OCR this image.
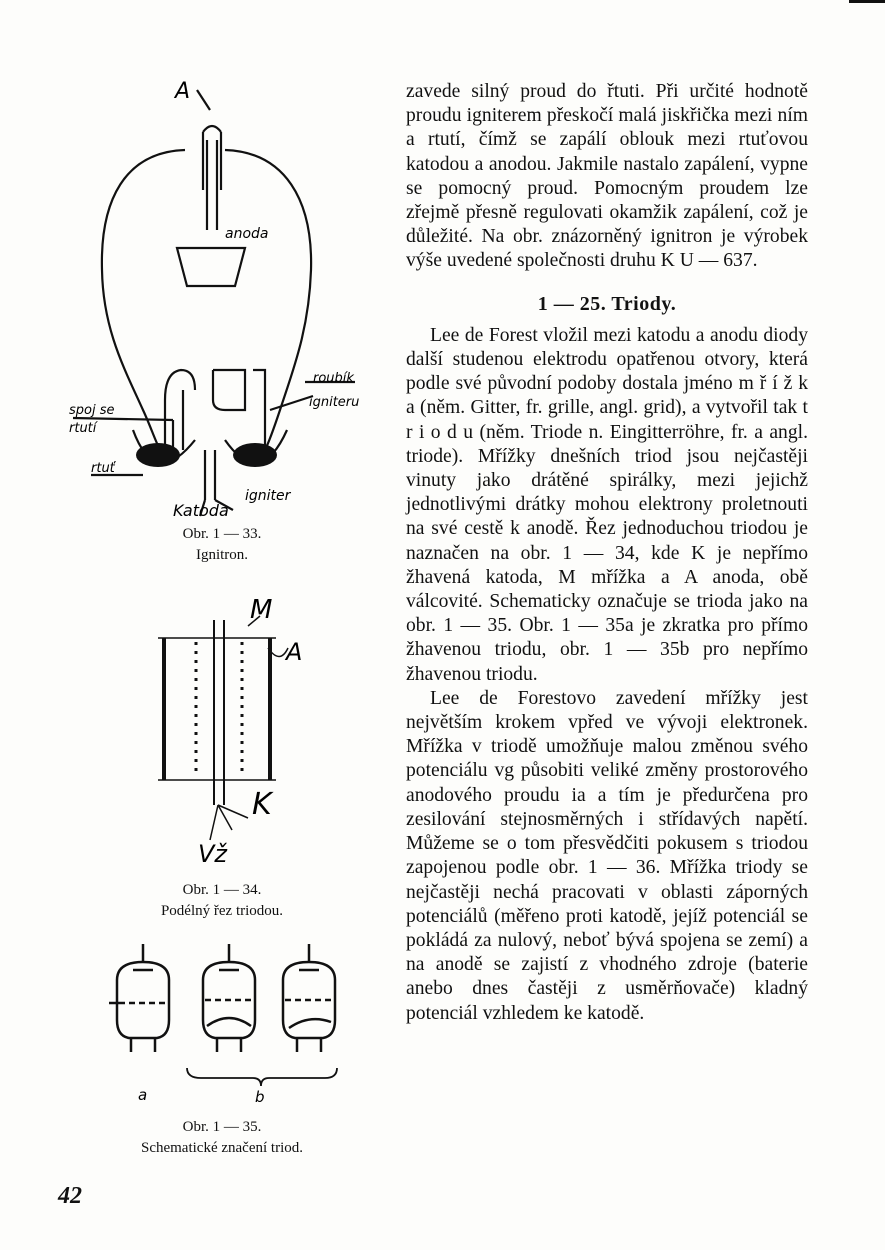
A
anoda
roubík
igniteru
spoj se
rtutí
rtuť
Katoda
igniter
Obr. 1 — 33.
Ignitron.
M
A
K
Vž
Obr. 1 — 34.
Podélný řez triodou.
a	b
Obr. 1 — 35.
Schematické značení triod.

zavede silný proud do řtuti. Při určité hodnotě proudu igniterem přeskočí malá jiskřička mezi ním a rtutí, čímž se zapálí oblouk mezi rtuťovou katodou a anodou. Jakmile nastalo zapálení, vypne se pomocný proud. Pomocným proudem lze zřejmě přesně regulovati okamžik zapálení, což je důležité. Na obr. znázorněný ignitron je výrobek výše uvedené společnosti druhu K U — 637.

1 — 25. Triody.

Lee de Forest vložil mezi katodu a anodu diody další studenou elektrodu opatřenou otvory, která podle své původní podoby dostala jméno m ř í ž k a (něm. Gitter, fr. grille, angl. grid), a vytvořil tak t r i o d u (něm. Triode n. Eingitterröhre, fr. a angl. triode). Mřížky dnešních triod jsou nejčastěji vinuty jako drátěné spirálky, mezi jejichž jednotlivými drátky mohou elektrony proletnouti na své cestě k anodě. Řez jednoduchou triodou je naznačen na obr. 1 — 34, kde K je nepřímo žhavená katoda, M mřížka a A anoda, obě válcovité. Schematicky označuje se trioda jako na obr. 1 — 35. Obr. 1 — 35a je zkratka pro přímo žhavenou triodu, obr. 1 — 35b pro nepřímo žhavenou triodu.

Lee de Forestovo zavedení mřížky jest největším krokem vpřed ve vývoji elektronek. Mřížka v triodě umožňuje malou změnou svého potenciálu vg působiti veliké změny prostorového anodového proudu ia a tím je předurčena pro zesilování stejnosměrných i střídavých napětí. Můžeme se o tom přesvědčiti pokusem s triodou zapojenou podle obr. 1 — 36. Mřížka triody se nejčastěji nechá pracovati v oblasti záporných potenciálů (měřeno proti katodě, jejíž potenciál se pokládá za nulový, neboť bývá spojena se zemí) a na anodě se zajistí z vhodného zdroje (baterie anebo dnes častěji z usměrňovače) kladný potenciál vzhledem ke katodě.

42
